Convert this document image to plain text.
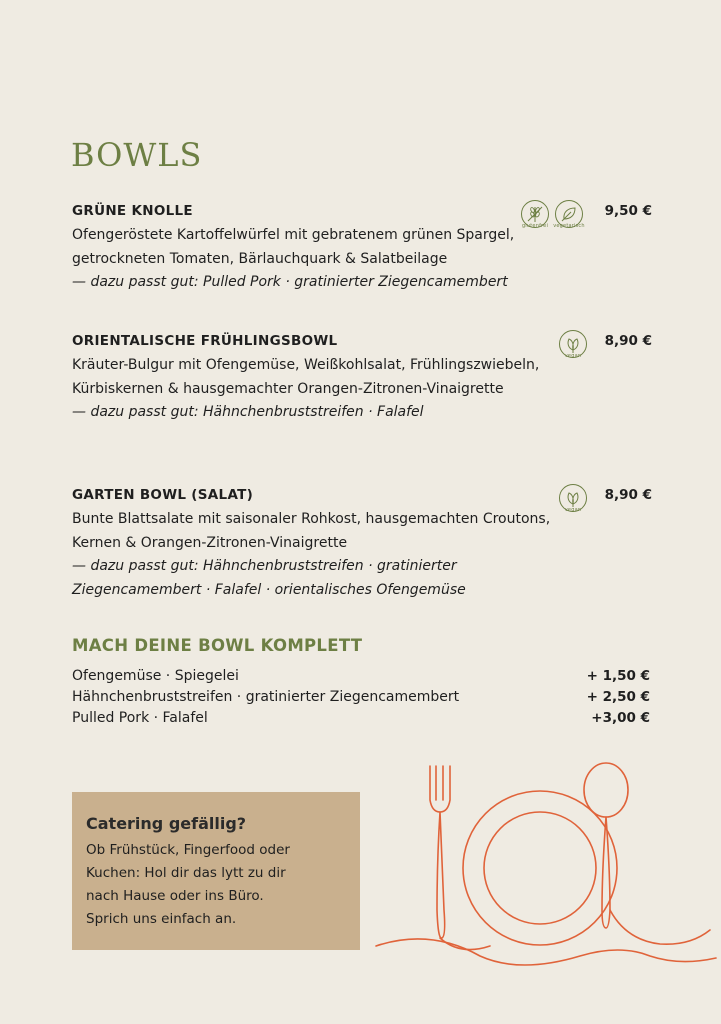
BOWLS

GRÜNE KNOLLE

Ofengeröstete Kartoffelwürfel mit gebratenem grünen Spargel, getrockneten Tomaten, Bärlauchquark & Salatbeilage

— dazu passt gut: Pulled Pork · gratinierter Ziegencamembert

glutenfrei	vegetarisch
9,50 €

ORIENTALISCHE FRÜHLINGSBOWL

Kräuter-Bulgur mit Ofengemüse, Weißkohlsalat, Frühlingszwiebeln, Kürbiskernen & hausgemachter Orangen-Zitronen-Vinaigrette

— dazu passt gut: Hähnchenbruststreifen · Falafel

vegan
8,90 €

GARTEN BOWL (SALAT)

Bunte Blattsalate mit saisonaler Rohkost, hausgemachten Croutons, Kernen & Orangen-Zitronen-Vinaigrette

— dazu passt gut: Hähnchenbruststreifen · gratinierter Ziegencamembert · Falafel · orientalisches Ofengemüse

vegan
8,90 €
MACH DEINE BOWL KOMPLETT
Ofengemüse · Spiegelei	+ 1,50 €
Hähnchenbruststreifen · gratinierter Ziegencamembert	+ 2,50 €
Pulled Pork · Falafel	+3,00 €

Catering gefällig?

Ob Frühstück, Fingerfood oder
Kuchen: Hol dir das lytt zu dir
nach Hause oder ins Büro.
Sprich uns einfach an.
